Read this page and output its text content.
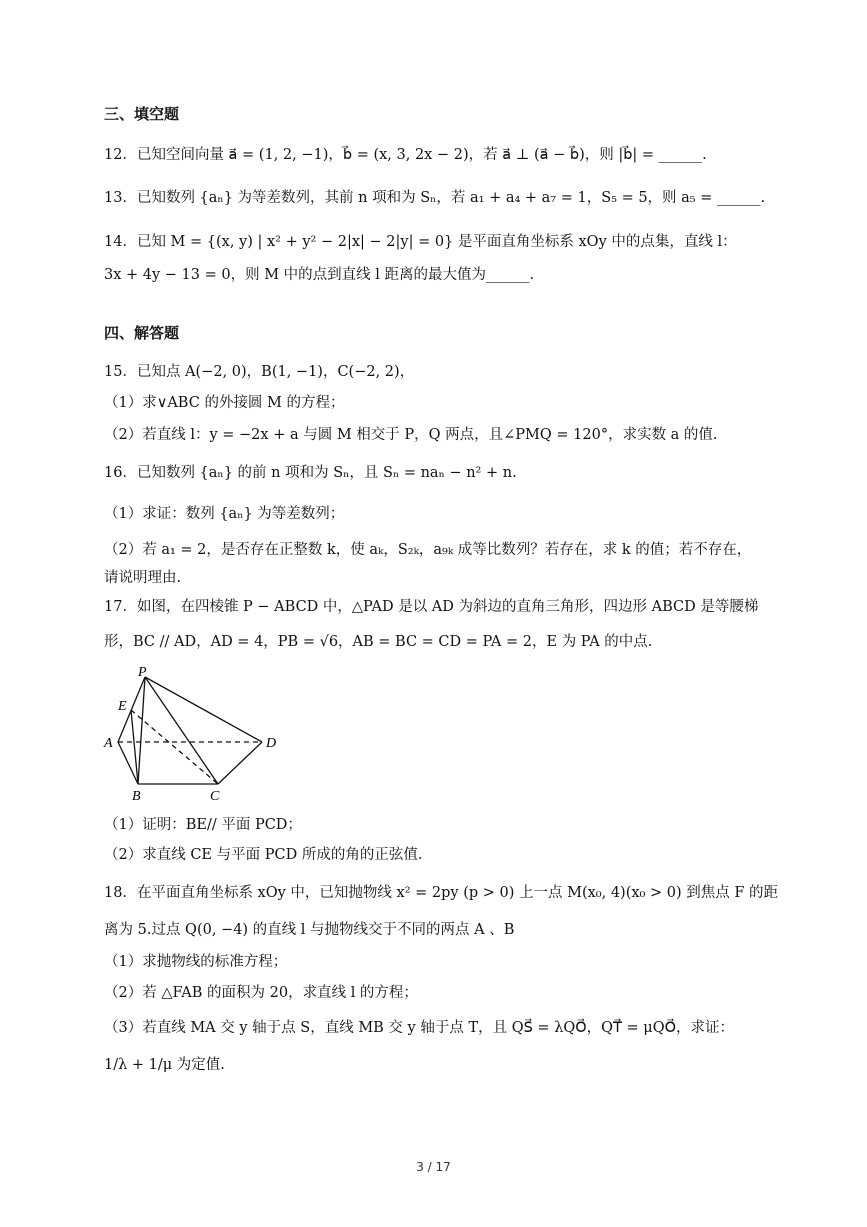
三、填空题
12．已知空间向量 a⃗ = (1, 2, −1)，b⃗ = (x, 3, 2x − 2)，若 a⃗ ⊥ (a⃗ − b⃗)，则 |b⃗| = ______.
13．已知数列 {aₙ} 为等差数列，其前 n 项和为 Sₙ，若 a₁ + a₄ + a₇ = 1，S₅ = 5，则 a₅ = ______.
14．已知 M = {(x, y) | x² + y² − 2|x| − 2|y| = 0} 是平面直角坐标系 xOy 中的点集，直线 l：
3x + 4y − 13 = 0，则 M 中的点到直线 l 距离的最大值为______.
四、解答题
15．已知点 A(−2, 0)，B(1, −1)，C(−2, 2)，
（1）求∨ABC 的外接圆 M 的方程；
（2）若直线 l：y = −2x + a 与圆 M 相交于 P，Q 两点，且∠PMQ = 120°，求实数 a 的值.
16．已知数列 {aₙ} 的前 n 项和为 Sₙ，且 Sₙ = naₙ − n² + n.
（1）求证：数列 {aₙ} 为等差数列；
（2）若 a₁ = 2，是否存在正整数 k，使 aₖ，S₂ₖ，a₉ₖ 成等比数列？若存在，求 k 的值；若不存在，
请说明理由.
17．如图，在四棱锥 P − ABCD 中，△PAD 是以 AD 为斜边的直角三角形，四边形 ABCD 是等腰梯
形，BC // AD，AD = 4，PB = √6，AB = BC = CD = PA = 2，E 为 PA 的中点.
P
E
A
B	C
D
（1）证明：BE// 平面 PCD；
（2）求直线 CE 与平面 PCD 所成的角的正弦值.
18．在平面直角坐标系 xOy 中，已知抛物线 x² = 2py (p > 0) 上一点 M(x₀, 4)(x₀ > 0) 到焦点 F 的距
离为 5.过点 Q(0, −4) 的直线 l 与抛物线交于不同的两点 A 、B
（1）求抛物线的标准方程；
（2）若 △FAB 的面积为 20，求直线 l 的方程；
（3）若直线 MA 交 y 轴于点 S，直线 MB 交 y 轴于点 T，且 QS⃗ = λQO⃗，QT⃗ = μQO⃗，求证：
1/λ + 1/μ 为定值.
3 / 17
